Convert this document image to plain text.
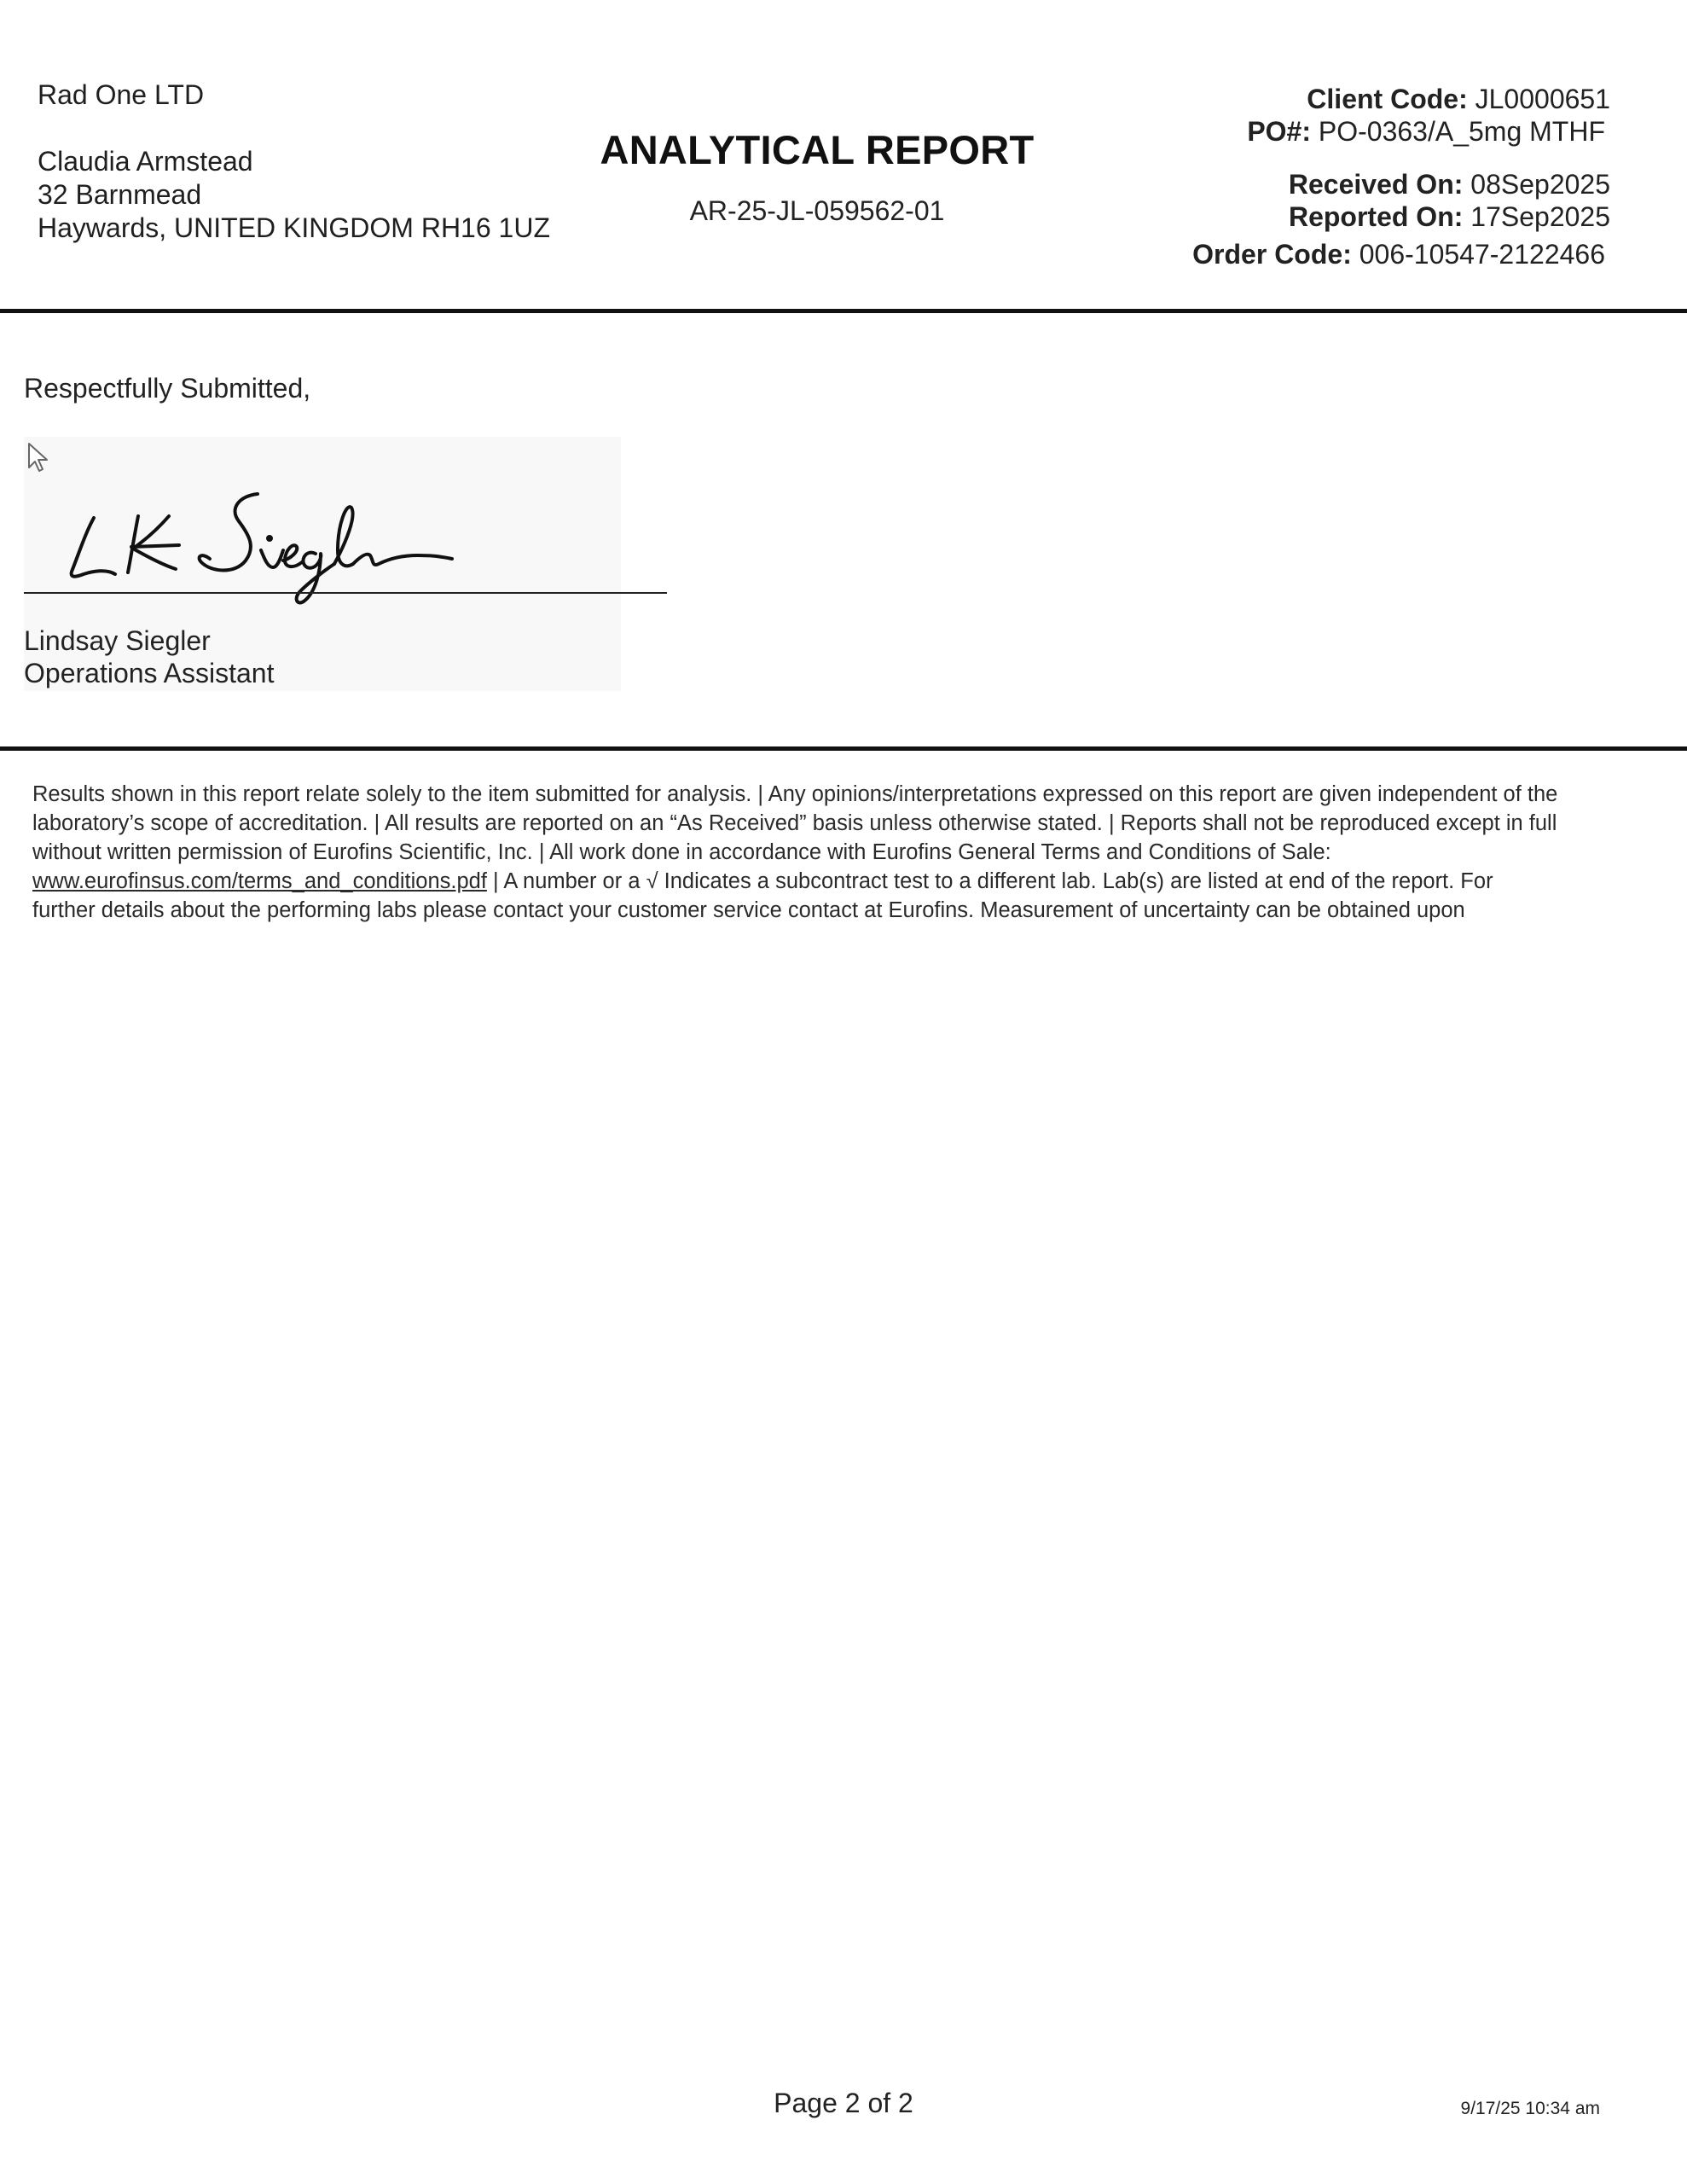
Rad One LTD
Claudia Armstead
32 Barnmead
Haywards, UNITED KINGDOM RH16 1UZ
ANALYTICAL REPORT
AR-25-JL-059562-01
Client Code: JL0000651
PO#: PO-0363/A_5mg MTHF
Received On: 08Sep2025
Reported On: 17Sep2025
Order Code: 006-10547-2122466
Respectfully Submitted,
Lindsay Siegler
Operations Assistant
Results shown in this report relate solely to the item submitted for analysis. | Any opinions/interpretations expressed on this report are given independent of the laboratory’s scope of accreditation. | All results are reported on an “As Received” basis unless otherwise stated. | Reports shall not be reproduced except in full without written permission of Eurofins Scientific, Inc. | All work done in accordance with Eurofins General Terms and Conditions of Sale: www.eurofinsus.com/terms_and_conditions.pdf | A number or a √ Indicates a subcontract test to a different lab. Lab(s) are listed at end of the report. For further details about the performing labs please contact your customer service contact at Eurofins. Measurement of uncertainty can be obtained upon
Page 2 of 2	9/17/25 10:34 am
